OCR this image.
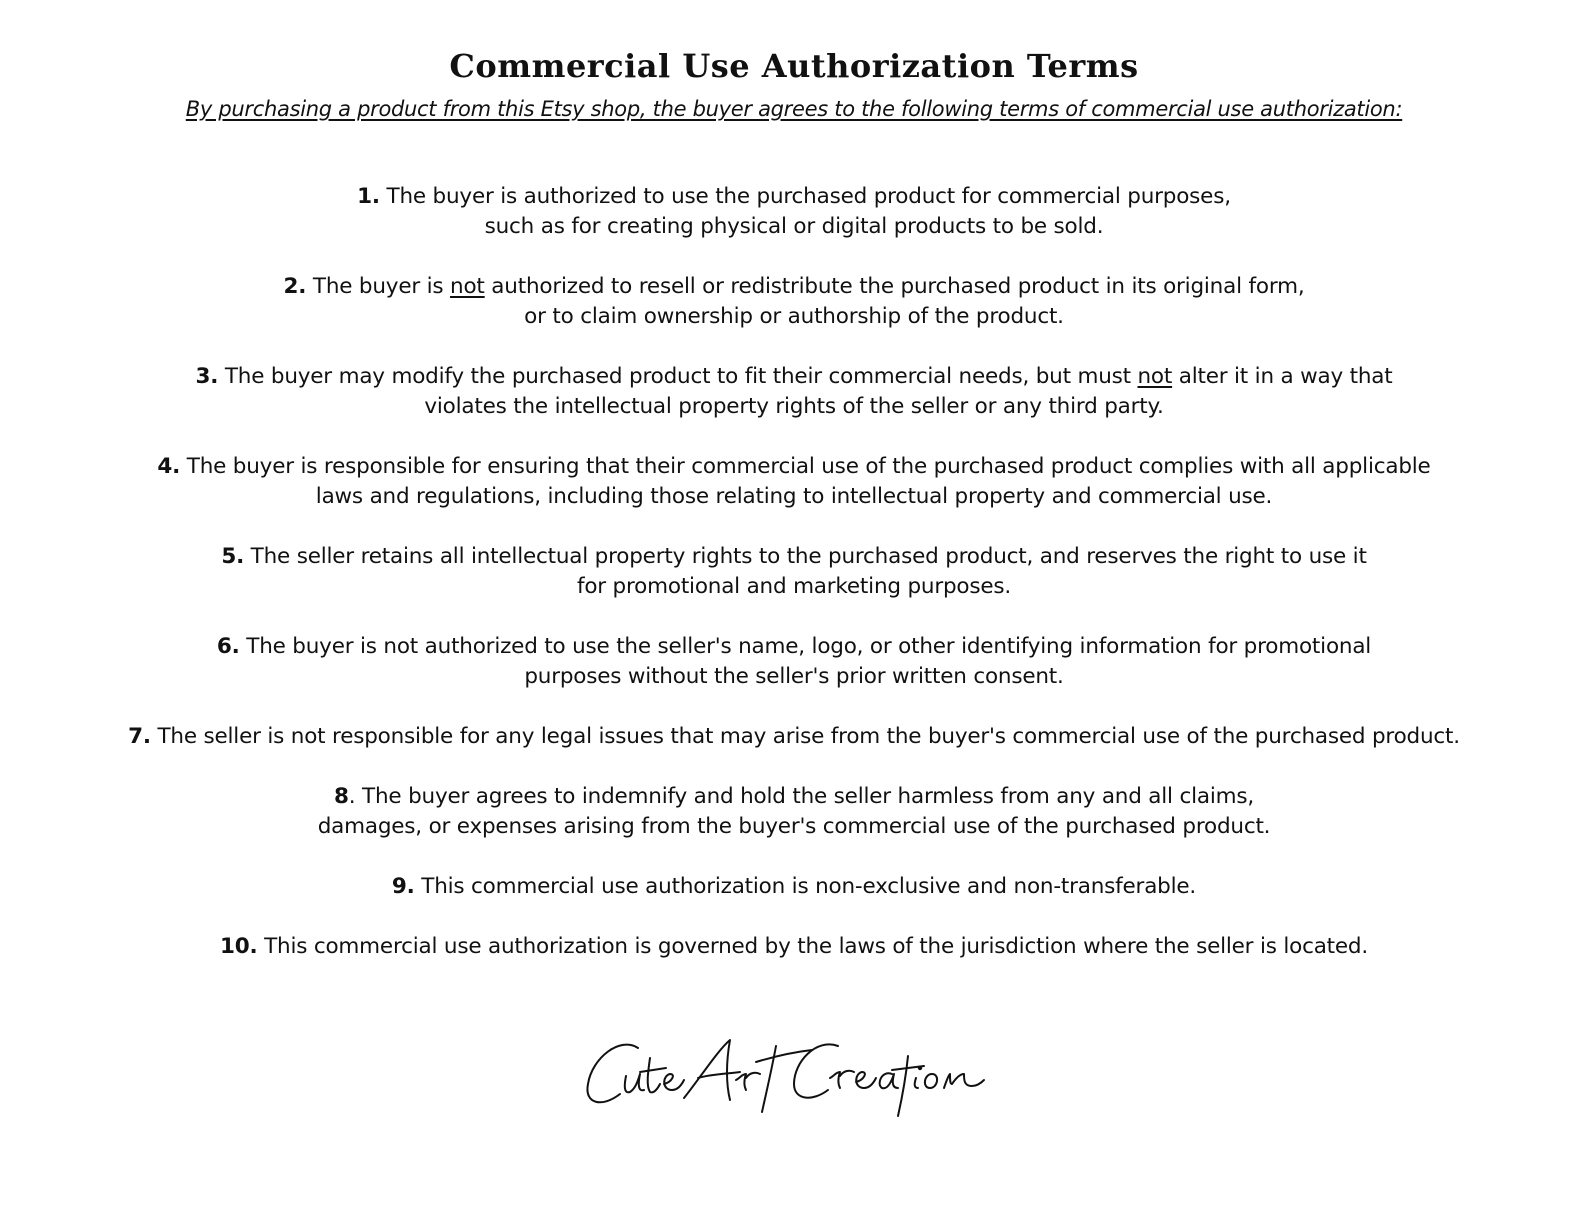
Commercial Use Authorization Terms

By purchasing a product from this Etsy shop, the buyer agrees to the following terms of commercial use authorization:

1. The buyer is authorized to use the purchased product for commercial purposes,
such as for creating physical or digital products to be sold.
2. The buyer is not authorized to resell or redistribute the purchased product in its original form,
or to claim ownership or authorship of the product.
3. The buyer may modify the purchased product to fit their commercial needs, but must not alter it in a way that
violates the intellectual property rights of the seller or any third party.
4. The buyer is responsible for ensuring that their commercial use of the purchased product complies with all applicable
laws and regulations, including those relating to intellectual property and commercial use.
5. The seller retains all intellectual property rights to the purchased product, and reserves the right to use it
for promotional and marketing purposes.
6. The buyer is not authorized to use the seller's name, logo, or other identifying information for promotional
purposes without the seller's prior written consent.
7. The seller is not responsible for any legal issues that may arise from the buyer's commercial use of the purchased product.
8. The buyer agrees to indemnify and hold the seller harmless from any and all claims,
damages, or expenses arising from the buyer's commercial use of the purchased product.
9. This commercial use authorization is non-exclusive and non-transferable.
10. This commercial use authorization is governed by the laws of the jurisdiction where the seller is located.
